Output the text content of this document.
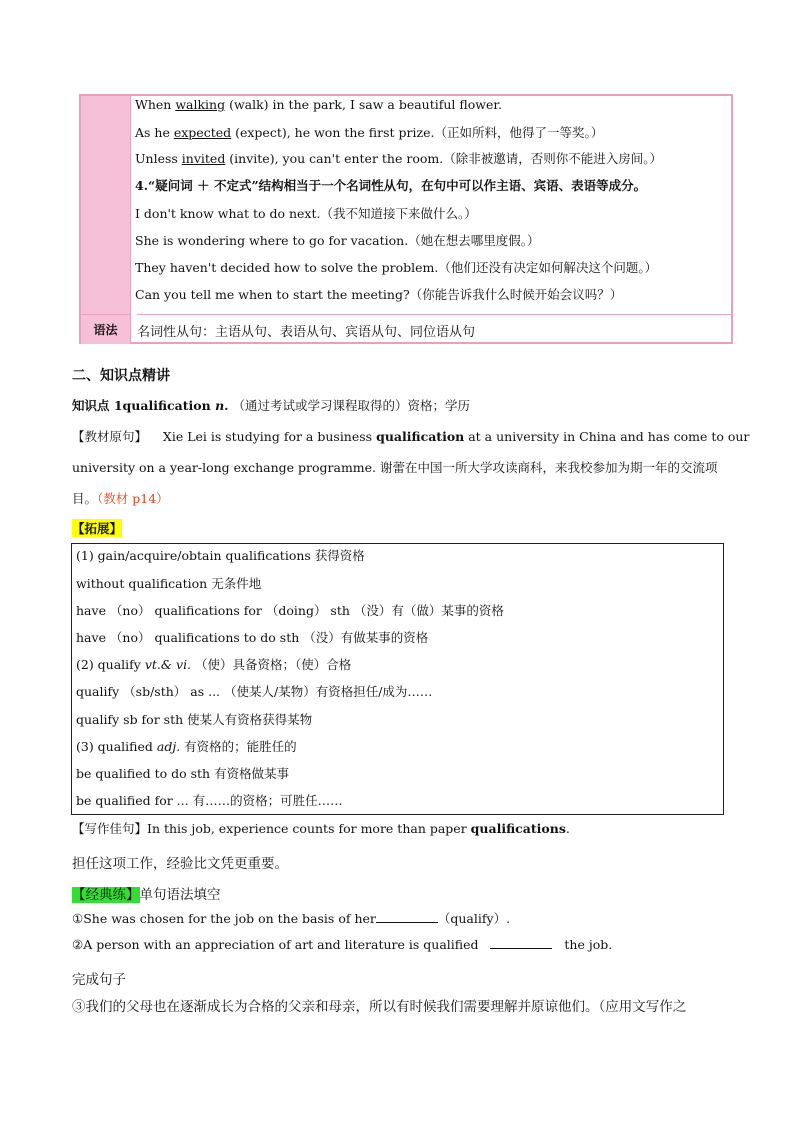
语法	名词性从句：主语从句、表语从句、宾语从句、同位语从句
When walking (walk) in the park, I saw a beautiful flower.
As he expected (expect), he won the first prize.（正如所料，他得了一等奖。）
Unless invited (invite), you can't enter the room.（除非被邀请，否则你不能进入房间。）
4.“疑问词 ＋ 不定式”结构相当于一个名词性从句，在句中可以作主语、宾语、表语等成分。
I don't know what to do next.（我不知道接下来做什么。）
She is wondering where to go for vacation.（她在想去哪里度假。）
They haven't decided how to solve the problem.（他们还没有决定如何解决这个问题。）
Can you tell me when to start the meeting?（你能告诉我什么时候开始会议吗？）
二、知识点精讲
知识点 1qualification n. （通过考试或学习课程取得的）资格；学历
【教材原句】 Xie Lei is studying for a business qualification at a university in China and has come to our
university on a year-long exchange programme. 谢蕾在中国一所大学攻读商科，来我校参加为期一年的交流项
目。（教材 p14）
【拓展】
(1) gain/acquire/obtain qualifications 获得资格
without qualification 无条件地
have （no） qualifications for （doing） sth （没）有（做）某事的资格
have （no） qualifications to do sth （没）有做某事的资格
(2) qualify vt.& vi. （使）具备资格；（使）合格
qualify （sb/sth） as ... （使某人/某物）有资格担任/成为……
qualify sb for sth 使某人有资格获得某物
(3) qualified adj. 有资格的；能胜任的
be qualified to do sth 有资格做某事
be qualified for ... 有……的资格；可胜任……
【写作佳句】In this job, experience counts for more than paper qualifications.
担任这项工作，经验比文凭更重要。
【经典练】单句语法填空
①She was chosen for the job on the basis of her	（qualify）.
②A person with an appreciation of art and literature is qualified	the job.
完成句子
③我们的父母也在逐渐成长为合格的父亲和母亲，所以有时候我们需要理解并原谅他们。（应用文写作之
